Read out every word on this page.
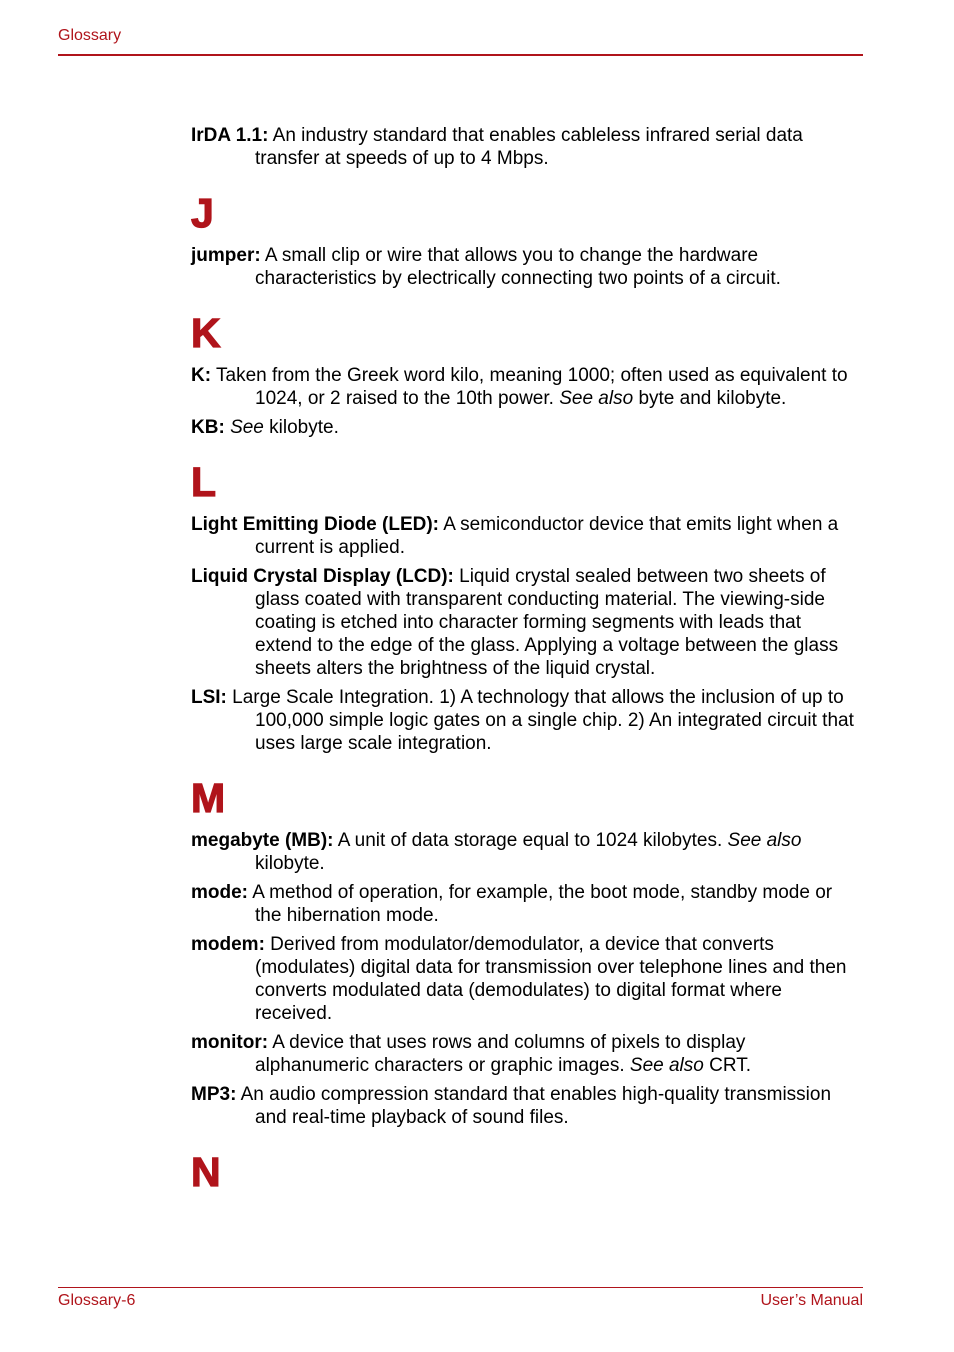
Glossary

IrDA 1.1: An industry standard that enables cableless infrared serial data transfer at speeds of up to 4 Mbps.

J

jumper: A small clip or wire that allows you to change the hardware characteristics by electrically connecting two points of a circuit.

K

K: Taken from the Greek word kilo, meaning 1000; often used as equivalent to 1024, or 2 raised to the 10th power. See also byte and kilobyte.

KB: See kilobyte.

L

Light Emitting Diode (LED): A semiconductor device that emits light when a current is applied.

Liquid Crystal Display (LCD): Liquid crystal sealed between two sheets of glass coated with transparent conducting material. The viewing-side coating is etched into character forming segments with leads that extend to the edge of the glass. Applying a voltage between the glass sheets alters the brightness of the liquid crystal.

LSI: Large Scale Integration. 1) A technology that allows the inclusion of up to 100,000 simple logic gates on a single chip. 2) An integrated circuit that uses large scale integration.

M

megabyte (MB): A unit of data storage equal to 1024 kilobytes. See also kilobyte.

mode: A method of operation, for example, the boot mode, standby mode or the hibernation mode.

modem: Derived from modulator/demodulator, a device that converts (modulates) digital data for transmission over telephone lines and then converts modulated data (demodulates) to digital format where received.

monitor: A device that uses rows and columns of pixels to display alphanumeric characters or graphic images. See also CRT.

MP3: An audio compression standard that enables high-quality transmission and real-time playback of sound files.

N
Glossary-6	User’s Manual
